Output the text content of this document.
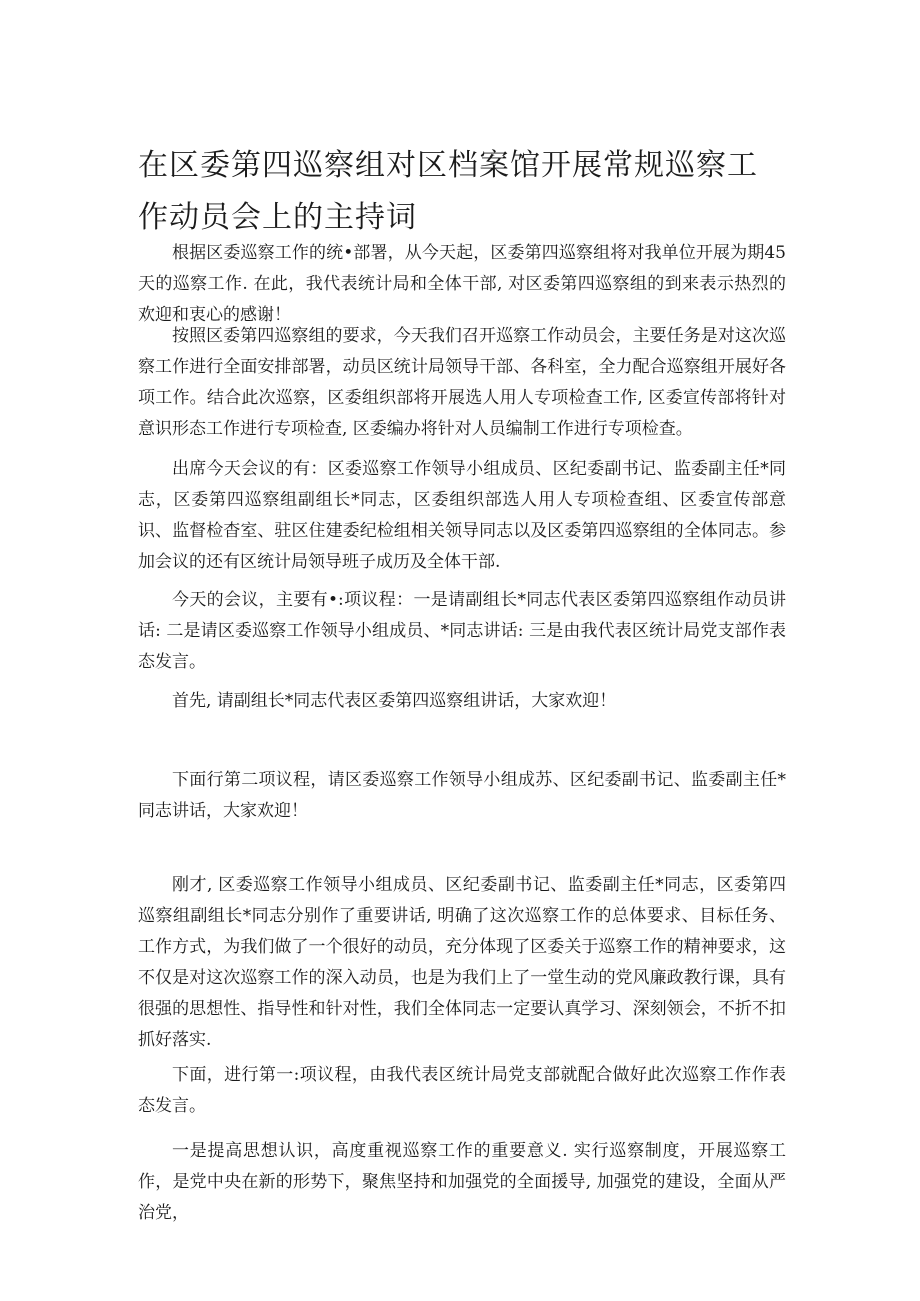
在区委第四巡察组对区档案馆开展常规巡察工作动员会上的主持词

根据区委巡察工作的统•部署，从今天起，区委第四巡察组将对我单位开展为期45天的巡察工作. 在此，我代表统计局和全体干部, 对区委第四巡察组的到来表示热烈的欢迎和衷心的感谢！

按照区委第四巡察组的要求，今天我们召开巡察工作动员会，主要任务是对这次巡察工作进行全面安排部署，动员区统计局领导干部、各科室，全力配合巡察组开展好各项工作。结合此次巡察，区委组织部将开展选人用人专项检查工作, 区委宣传部将针对意识形态工作进行专项检查, 区委编办将针对人员编制工作进行专项检查。

出席今天会议的有：区委巡察工作领导小组成员、区纪委副书记、监委副主任*同志，区委第四巡察组副组长*同志，区委组织部选人用人专项检查组、区委宣传部意识、监督检杳室、驻区住建委纪检组相关领导同志以及区委第四巡察组的全体同志。参加会议的还有区统计局领导班子成历及全体干部.

今天的会议，主要有•:项议程：一是请副组长*同志代表区委第四巡察组作动员讲话: 二是请区委巡察工作领导小组成员、*同志讲话: 三是由我代表区统计局党支部作表态发言。

首先, 请副组长*同志代表区委第四巡察组讲话，大家欢迎！

下面行第二项议程，请区委巡察工作领导小组成苏、区纪委副书记、监委副主任*同志讲话，大家欢迎！

刚才, 区委巡察工作领导小组成员、区纪委副书记、监委副主任*同志，区委第四巡察组副组长*同志分别作了重要讲话, 明确了这次巡察工作的总体要求、目标任务、工作方式，为我们做了一个很好的动员，充分体现了区委关于巡察工作的精神要求，这不仅是对这次巡察工作的深入动员，也是为我们上了一堂生动的党风廉政教行课，具有很强的思想性、指导性和针对性，我们全体同志一定要认真学习、深刻领会，不折不扣抓好落实.

下面，进行第一:项议程，由我代表区统计局党支部就配合做好此次巡察工作作表态发言。

一是提高思想认识，高度重视巡察工作的重要意义. 实行巡察制度，开展巡察工作，是党中央在新的形势下，聚焦坚持和加强党的全面援导, 加强党的建设，全面从严治党，
